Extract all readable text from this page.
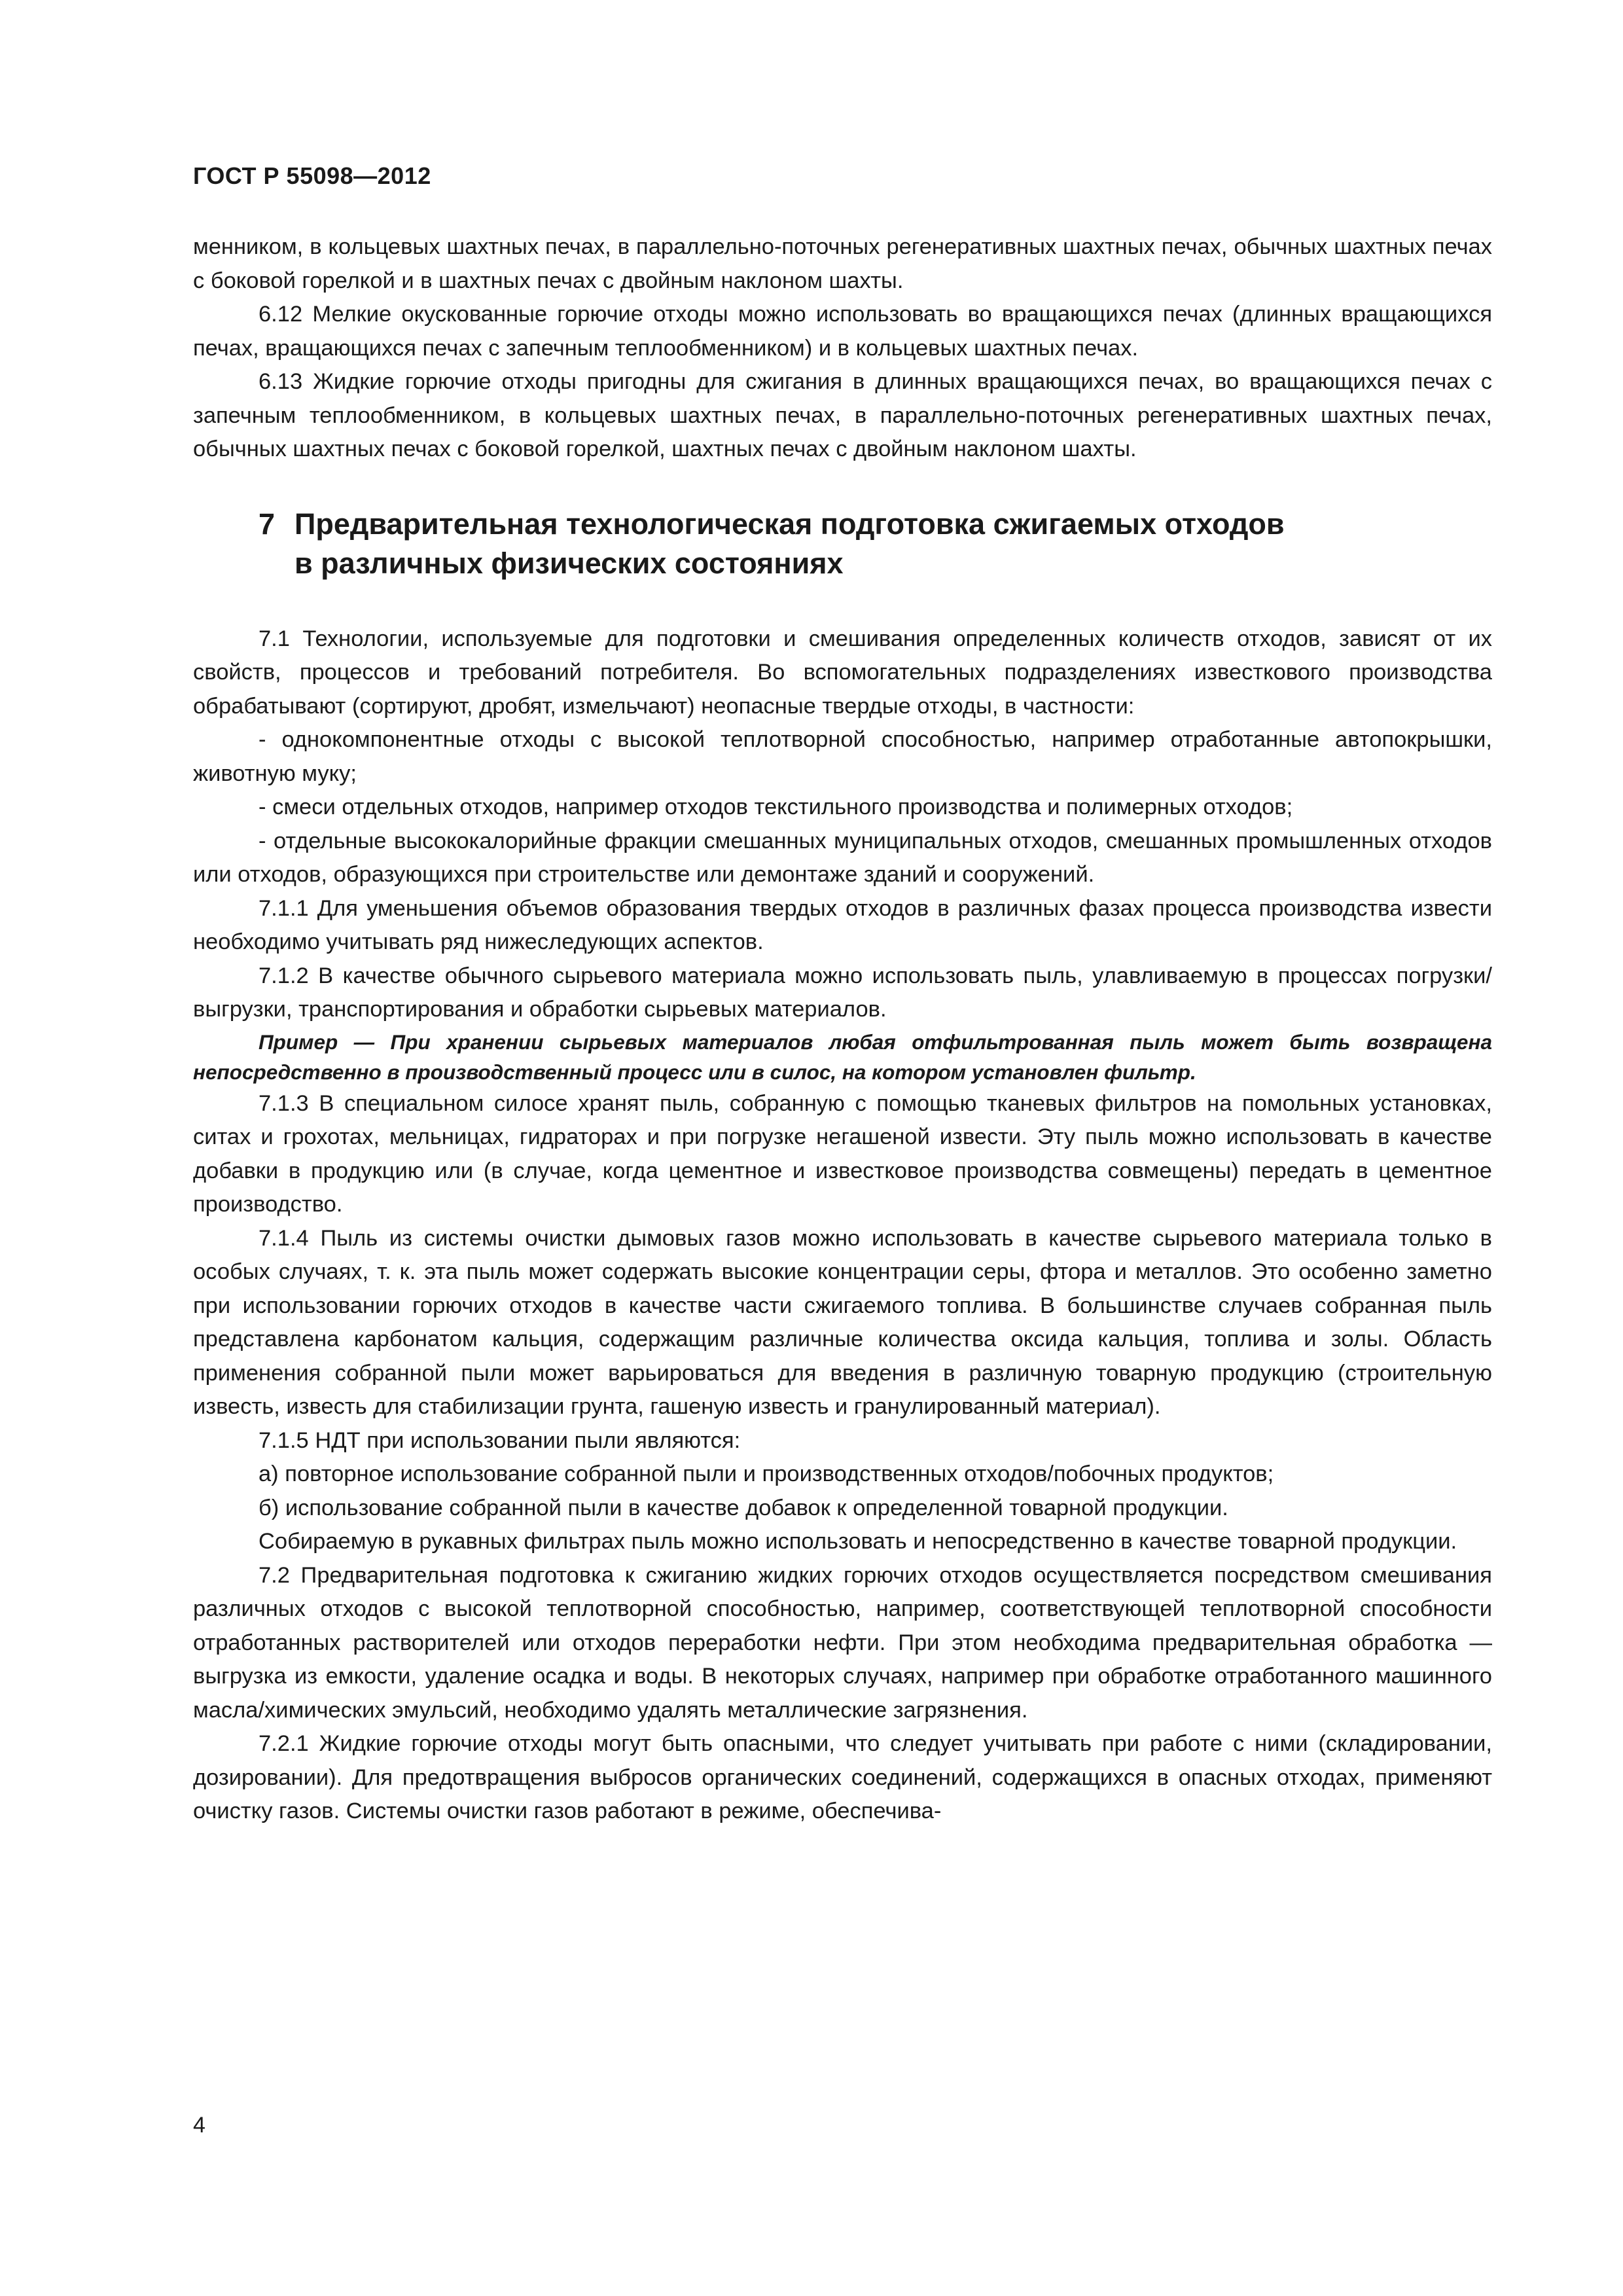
ГОСТ Р 55098—2012

менником, в кольцевых шахтных печах, в параллельно-поточных регенеративных шахтных печах, обычных шахтных печах с боковой горелкой и в шахтных печах с двойным наклоном шахты.

6.12 Мелкие окускованные горючие отходы можно использовать во вращающихся печах (длинных вращающихся печах, вращающихся печах с запечным теплообменником) и в кольцевых шахтных печах.

6.13 Жидкие горючие отходы пригодны для сжигания в длинных вращающихся печах, во вращающихся печах с запечным теплообменником, в кольцевых шахтных печах, в параллельно-поточных регенеративных шахтных печах, обычных шахтных печах с боковой горелкой, шахтных печах с двойным наклоном шахты.

7 Предварительная технологическая подготовка сжигаемых отходов
в различных физических состояниях

7.1 Технологии, используемые для подготовки и смешивания определенных количеств отходов, зависят от их свойств, процессов и требований потребителя. Во вспомогательных подразделениях известкового производства обрабатывают (сортируют, дробят, измельчают) неопасные твердые отходы, в частности:

- однокомпонентные отходы с высокой теплотворной способностью, например отработанные автопокрышки, животную муку;

- смеси отдельных отходов, например отходов текстильного производства и полимерных отходов;

- отдельные высококалорийные фракции смешанных муниципальных отходов, смешанных промышленных отходов или отходов, образующихся при строительстве или демонтаже зданий и сооружений.

7.1.1 Для уменьшения объемов образования твердых отходов в различных фазах процесса производства извести необходимо учитывать ряд нижеследующих аспектов.

7.1.2 В качестве обычного сырьевого материала можно использовать пыль, улавливаемую в процессах погрузки/выгрузки, транспортирования и обработки сырьевых материалов.

Пример — При хранении сырьевых материалов любая отфильтрованная пыль может быть возвращена непосредственно в производственный процесс или в силос, на котором установлен фильтр.

7.1.3 В специальном силосе хранят пыль, собранную с помощью тканевых фильтров на помольных установках, ситах и грохотах, мельницах, гидраторах и при погрузке негашеной извести. Эту пыль можно использовать в качестве добавки в продукцию или (в случае, когда цементное и известковое производства совмещены) передать в цементное производство.

7.1.4 Пыль из системы очистки дымовых газов можно использовать в качестве сырьевого материала только в особых случаях, т. к. эта пыль может содержать высокие концентрации серы, фтора и металлов. Это особенно заметно при использовании горючих отходов в качестве части сжигаемого топлива. В большинстве случаев собранная пыль представлена карбонатом кальция, содержащим различные количества оксида кальция, топлива и золы. Область применения собранной пыли может варьироваться для введения в различную товарную продукцию (строительную известь, известь для стабилизации грунта, гашеную известь и гранулированный материал).

7.1.5 НДТ при использовании пыли являются:

а) повторное использование собранной пыли и производственных отходов/побочных продуктов;

б) использование собранной пыли в качестве добавок к определенной товарной продукции.

Собираемую в рукавных фильтрах пыль можно использовать и непосредственно в качестве товарной продукции.

7.2 Предварительная подготовка к сжиганию жидких горючих отходов осуществляется посредством смешивания различных отходов с высокой теплотворной способностью, например, соответствующей теплотворной способности отработанных растворителей или отходов переработки нефти. При этом необходима предварительная обработка — выгрузка из емкости, удаление осадка и воды. В некоторых случаях, например при обработке отработанного машинного масла/химических эмульсий, необходимо удалять металлические загрязнения.

7.2.1 Жидкие горючие отходы могут быть опасными, что следует учитывать при работе с ними (складировании, дозировании). Для предотвращения выбросов органических соединений, содержащихся в опасных отходах, применяют очистку газов. Системы очистки газов работают в режиме, обеспечива-

4
